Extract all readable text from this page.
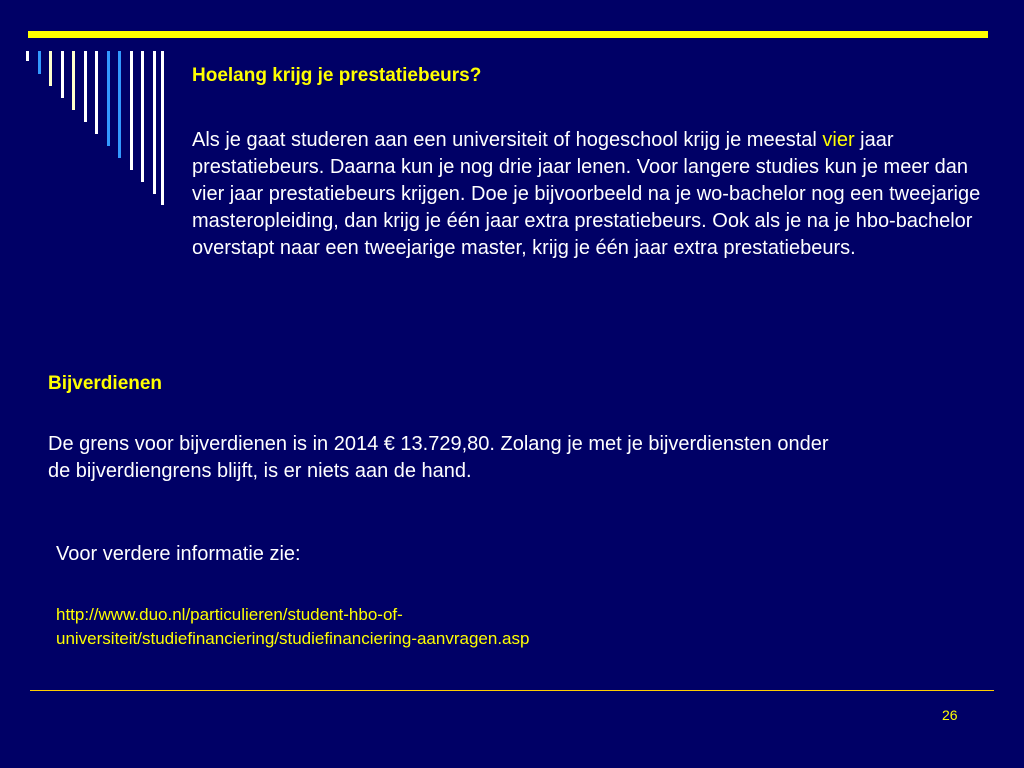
Hoelang krijg je prestatiebeurs?

Als je gaat studeren aan een universiteit of hogeschool krijg je meestal vier jaar prestatiebeurs. Daarna kun je nog drie jaar lenen. Voor langere studies kun je meer dan vier jaar prestatiebeurs krijgen. Doe je bijvoorbeeld na je wo-bachelor nog een tweejarige masteropleiding, dan krijg je één jaar extra prestatiebeurs. Ook als je na je hbo-bachelor overstapt naar een tweejarige master, krijg je één jaar extra prestatiebeurs.

Bijverdienen

De grens voor bijverdienen is in 2014 € 13.729,80. Zolang je met je bijverdiensten onder de bijverdiengrens blijft, is er niets aan de hand.

Voor verdere informatie zie:

http://www.duo.nl/particulieren/student-hbo-of-universiteit/studiefinanciering/studiefinanciering-aanvragen.asp
26
